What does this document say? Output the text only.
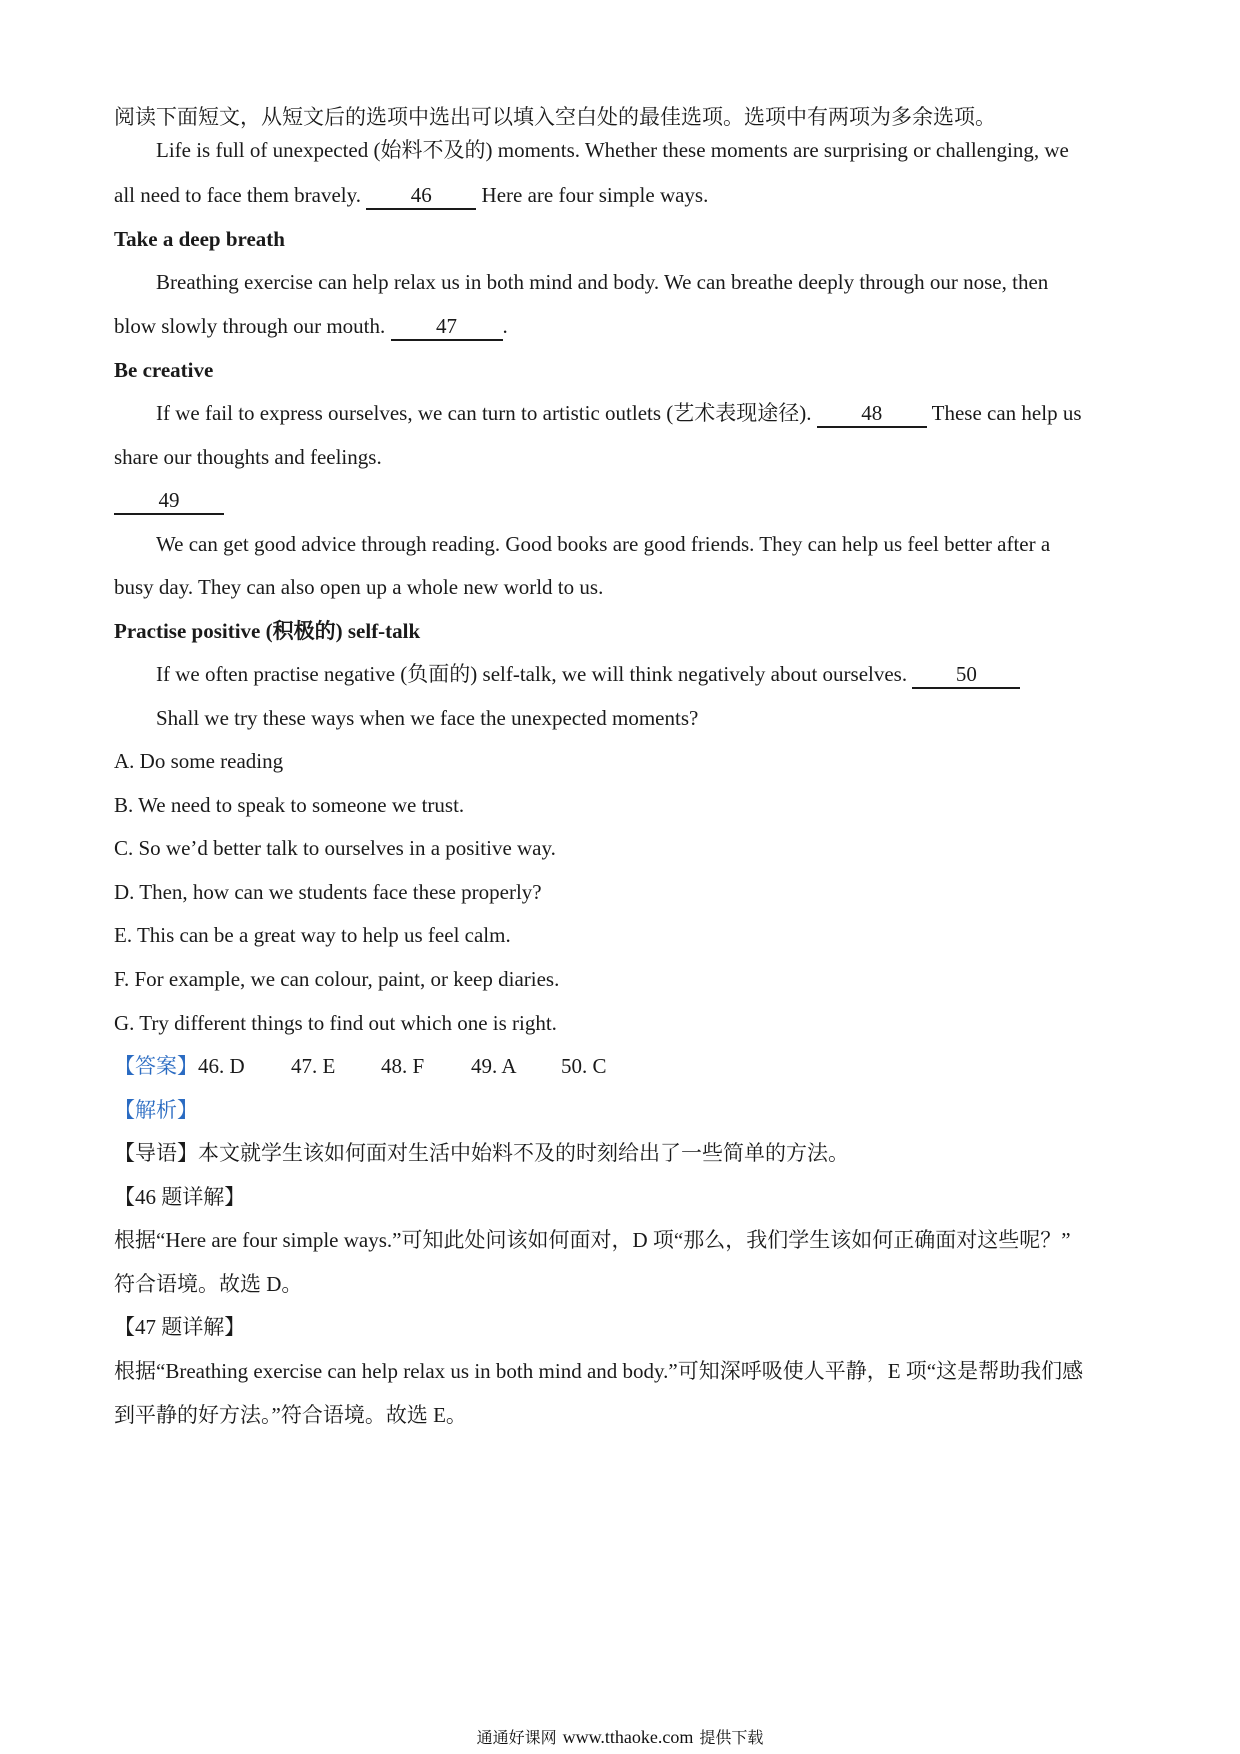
阅读下面短文，从短文后的选项中选出可以填入空白处的最佳选项。选项中有两项为多余选项。
Life is full of unexpected (始料不及的) moments. Whether these moments are surprising or challenging, we
all need to face them bravely. 46 Here are four simple ways.
Take a deep breath
Breathing exercise can help relax us in both mind and body. We can breathe deeply through our nose, then
blow slowly through our mouth. 47 .
Be creative
If we fail to express ourselves, we can turn to artistic outlets (艺术表现途径). 48 These can help us
share our thoughts and feelings.
49
We can get good advice through reading. Good books are good friends. They can help us feel better after a
busy day. They can also open up a whole new world to us.
Practise positive (积极的) self-talk
If we often practise negative (负面的) self-talk, we will think negatively about ourselves. 50
Shall we try these ways when we face the unexpected moments?
A. Do some reading
B. We need to speak to someone we trust.
C. So we’d better talk to ourselves in a positive way.
D. Then, how can we students face these properly?
E. This can be a great way to help us feel calm.
F. For example, we can colour, paint, or keep diaries.
G. Try different things to find out which one is right.
【答案】46. D 47. E 48. F 49. A 50. C
【解析】
【导语】本文就学生该如何面对生活中始料不及的时刻给出了一些简单的方法。
【46 题详解】
根据“Here are four simple ways.”可知此处问该如何面对，D 项“那么，我们学生该如何正确面对这些呢？”
符合语境。故选 D。
【47 题详解】
根据“Breathing exercise can help relax us in both mind and body.”可知深呼吸使人平静，E 项“这是帮助我们感
到平静的好方法。”符合语境。故选 E。
通通好课网 www.tthaoke.com 提供下载
